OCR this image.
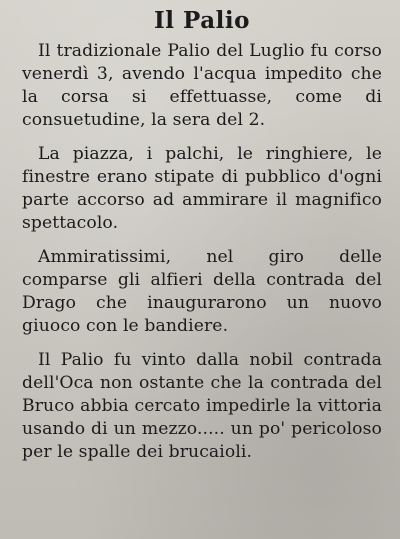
Il Palio

Il tradizionale Palio del Luglio fu corso venerdì 3, avendo l'acqua impedito che la corsa si effettuasse, come di consuetudine, la sera del 2.

La piazza, i palchi, le ringhiere, le finestre erano stipate di pubblico d'ogni parte accorso ad ammirare il magnifico spettacolo.

Ammiratissimi, nel giro delle comparse gli alfieri della contrada del Drago che inaugurarono un nuovo giuoco con le bandiere.

Il Palio fu vinto dalla nobil contrada dell'Oca non ostante che la contrada del Bruco abbia cercato impedirle la vittoria usando di un mezzo..... un po' pericoloso per le spalle dei brucaioli.
